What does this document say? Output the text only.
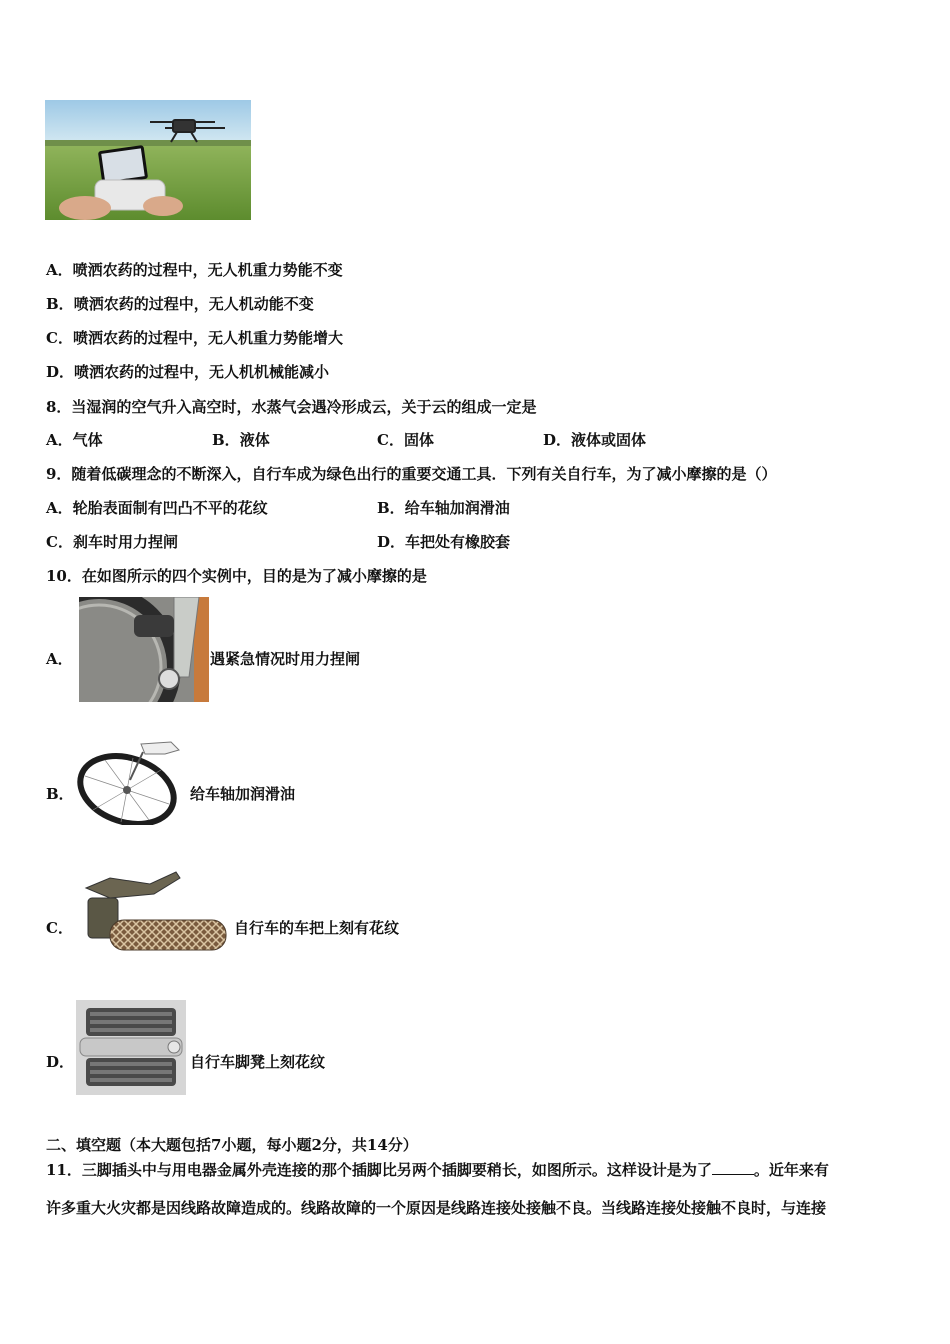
A．喷洒农药的过程中，无人机重力势能不变
B．喷洒农药的过程中，无人机动能不变
C．喷洒农药的过程中，无人机重力势能增大
D．喷洒农药的过程中，无人机机械能减小
8．当湿润的空气升入高空时，水蒸气会遇冷形成云，关于云的组成一定是
A．气体	B．液体	C．固体	D．液体或固体
9．随着低碳理念的不断深入，自行车成为绿色出行的重要交通工具．下列有关自行车，为了减小摩擦的是（）
A．轮胎表面制有凹凸不平的花纹	B．给车轴加润滑油
C．刹车时用力捏闸	D．车把处有橡胶套
10．在如图所示的四个实例中，目的是为了减小摩擦的是
A．	遇紧急情况时用力捏闸
B．	给车轴加润滑油
C．	自行车的车把上刻有花纹
D．	自行车脚凳上刻花纹
二、填空题（本大题包括7小题，每小题2分，共14分）
11．三脚插头中与用电器金属外壳连接的那个插脚比另两个插脚要稍长，如图所示。这样设计是为了	。近年来有
许多重大火灾都是因线路故障造成的。线路故障的一个原因是线路连接处接触不良。当线路连接处接触不良时，与连接
